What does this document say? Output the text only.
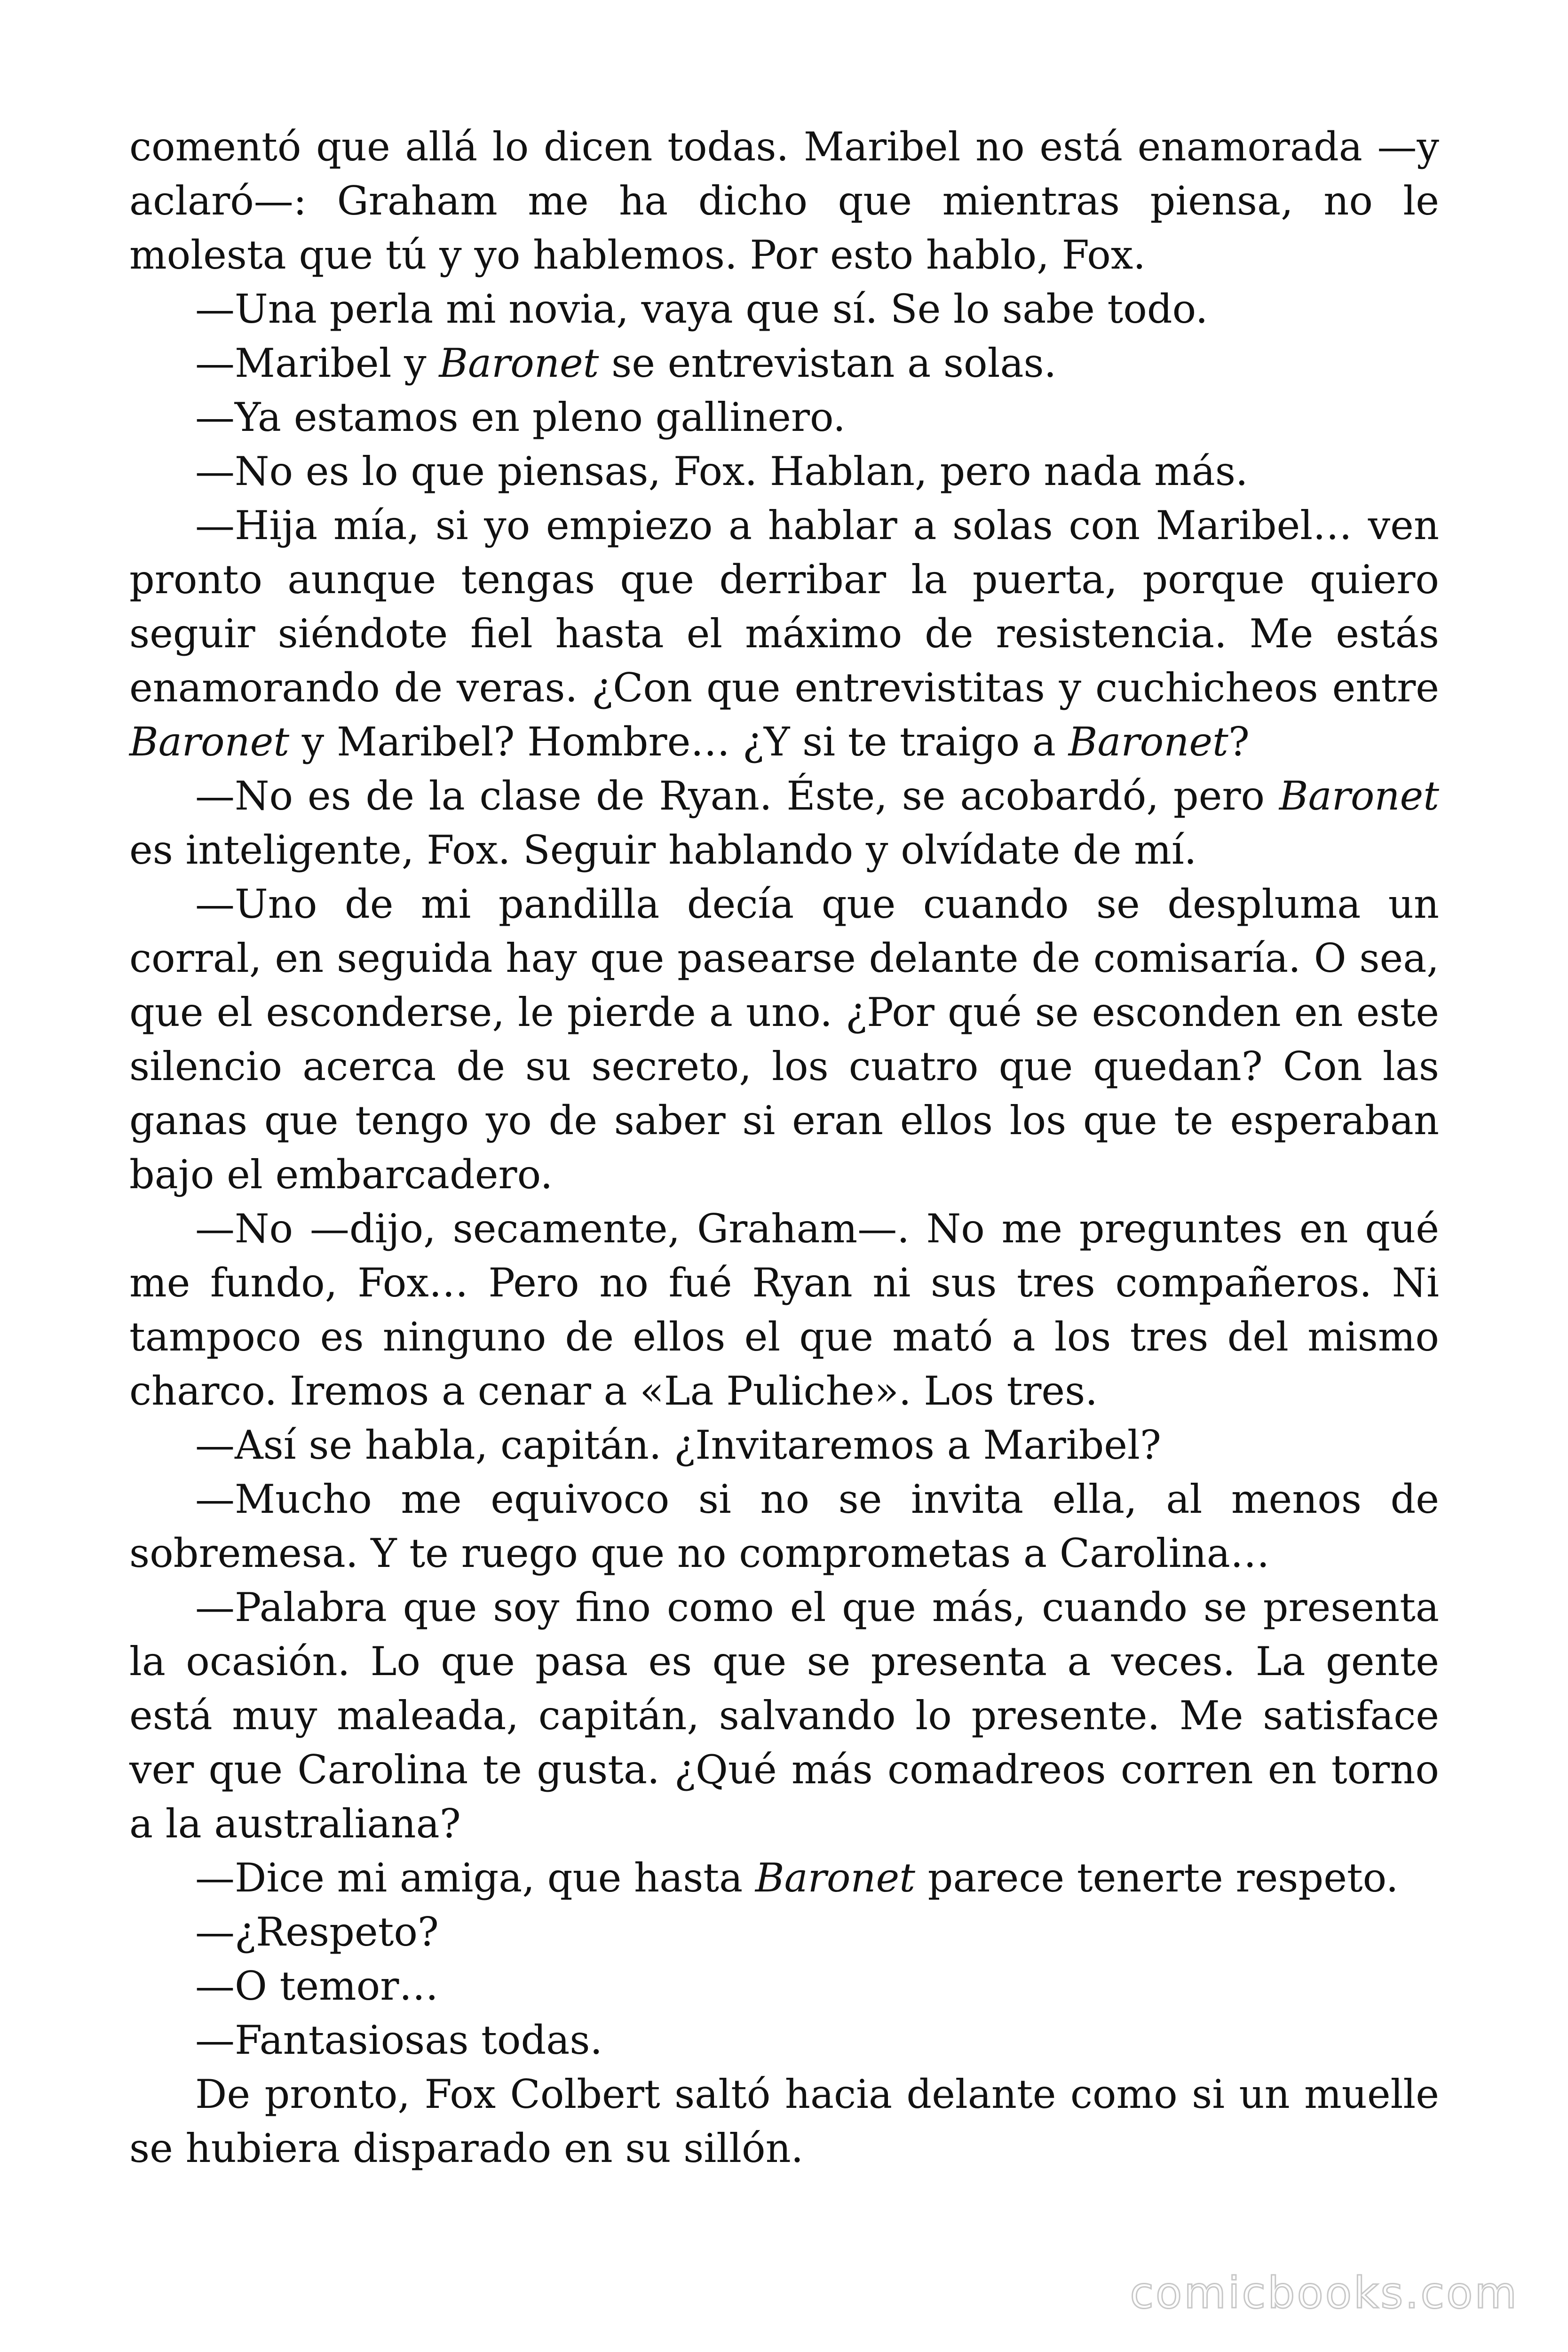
comentó que allá lo dicen todas. Maribel no está enamorada —y aclaró—: Graham me ha dicho que mientras piensa, no le molesta que tú y yo hablemos. Por esto hablo, Fox.

—Una perla mi novia, vaya que sí. Se lo sabe todo.

—Maribel y Baronet se entrevistan a solas.

—Ya estamos en pleno gallinero.

—No es lo que piensas, Fox. Hablan, pero nada más.

—Hija mía, si yo empiezo a hablar a solas con Maribel… ven pronto aunque tengas que derribar la puerta, porque quiero seguir siéndote fiel hasta el máximo de resistencia. Me estás enamorando de veras. ¿Con que entrevistitas y cuchicheos entre Baronet y Maribel? Hombre… ¿Y si te traigo a Baronet?

—No es de la clase de Ryan. Éste, se acobardó, pero Baronet es inteligente, Fox. Seguir hablando y olvídate de mí.

—Uno de mi pandilla decía que cuando se desplumа un corral, en seguida hay que pasearse delante de comisaría. O sea, que el esconderse, le pierde a uno. ¿Por qué se esconden en este silencio acerca de su secreto, los cuatro que quedan? Con las ganas que tengo yo de saber si eran ellos los que te esperaban bajo el embarcadero.

—No —dijo, secamente, Graham—. No me preguntes en qué me fundo, Fox… Pero no fué Ryan ni sus tres compañeros. Ni tampoco es ninguno de ellos el que mató a los tres del mismo charco. Iremos a cenar a «La Puliche». Los tres.

—Así se habla, capitán. ¿Invitaremos a Maribel?

—Mucho me equivoco si no se invita ella, al menos de sobremesa. Y te ruego que no comprometas a Carolina…

—Palabra que soy fino como el que más, cuando se presenta la ocasión. Lo que pasa es que se presenta a veces. La gente está muy maleada, capitán, salvando lo presente. Me satisface ver que Carolina te gusta. ¿Qué más comadreos corren en torno a la australiana?

—Dice mi amiga, que hasta Baronet parece tenerte respeto.

—¿Respeto?

—O temor…

—Fantasiosas todas.

De pronto, Fox Colbert saltó hacia delante como si un muelle se hubiera disparado en su sillón.

comicbooks.com
